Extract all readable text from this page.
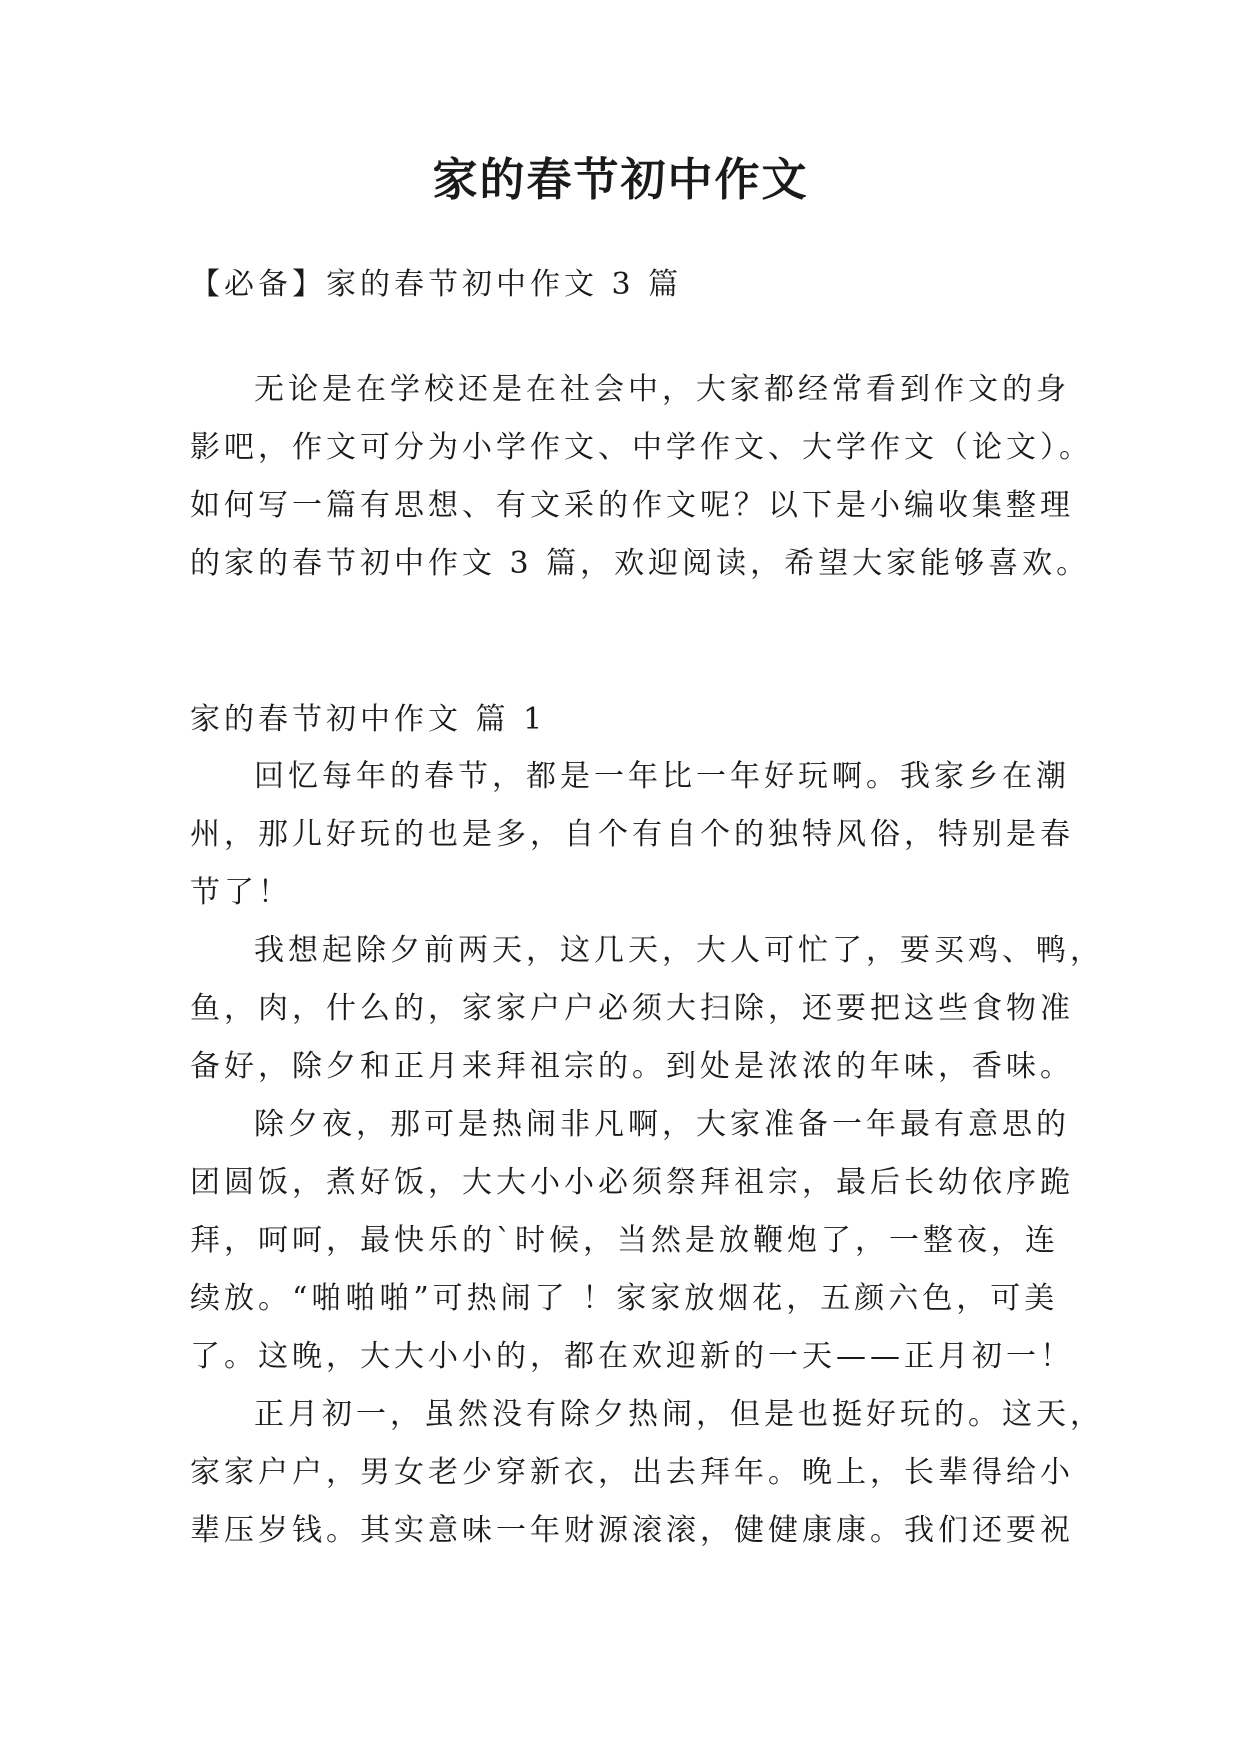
家的春节初中作文
【必备】家的春节初中作文 3 篇
无论是在学校还是在社会中，大家都经常看到作文的身
影吧，作文可分为小学作文、中学作文、大学作文（论文）。
如何写一篇有思想、有文采的作文呢？以下是小编收集整理
的家的春节初中作文 3 篇，欢迎阅读，希望大家能够喜欢。
家的春节初中作文 篇 1
回忆每年的春节，都是一年比一年好玩啊。我家乡在潮
州，那儿好玩的也是多，自个有自个的独特风俗，特别是春
节了！
我想起除夕前两天，这几天，大人可忙了，要买鸡、鸭，
鱼，肉，什么的，家家户户必须大扫除，还要把这些食物准
备好，除夕和正月来拜祖宗的。到处是浓浓的年味，香味。
除夕夜，那可是热闹非凡啊，大家准备一年最有意思的
团圆饭，煮好饭，大大小小必须祭拜祖宗，最后长幼依序跪
拜，呵呵，最快乐的`时候，当然是放鞭炮了，一整夜，连
续放。“啪啪啪”可热闹了 ！家家放烟花，五颜六色，可美
了。这晚，大大小小的，都在欢迎新的一天——正月初一！
正月初一，虽然没有除夕热闹，但是也挺好玩的。这天，
家家户户，男女老少穿新衣，出去拜年。晚上，长辈得给小
辈压岁钱。其实意味一年财源滚滚，健健康康。我们还要祝
